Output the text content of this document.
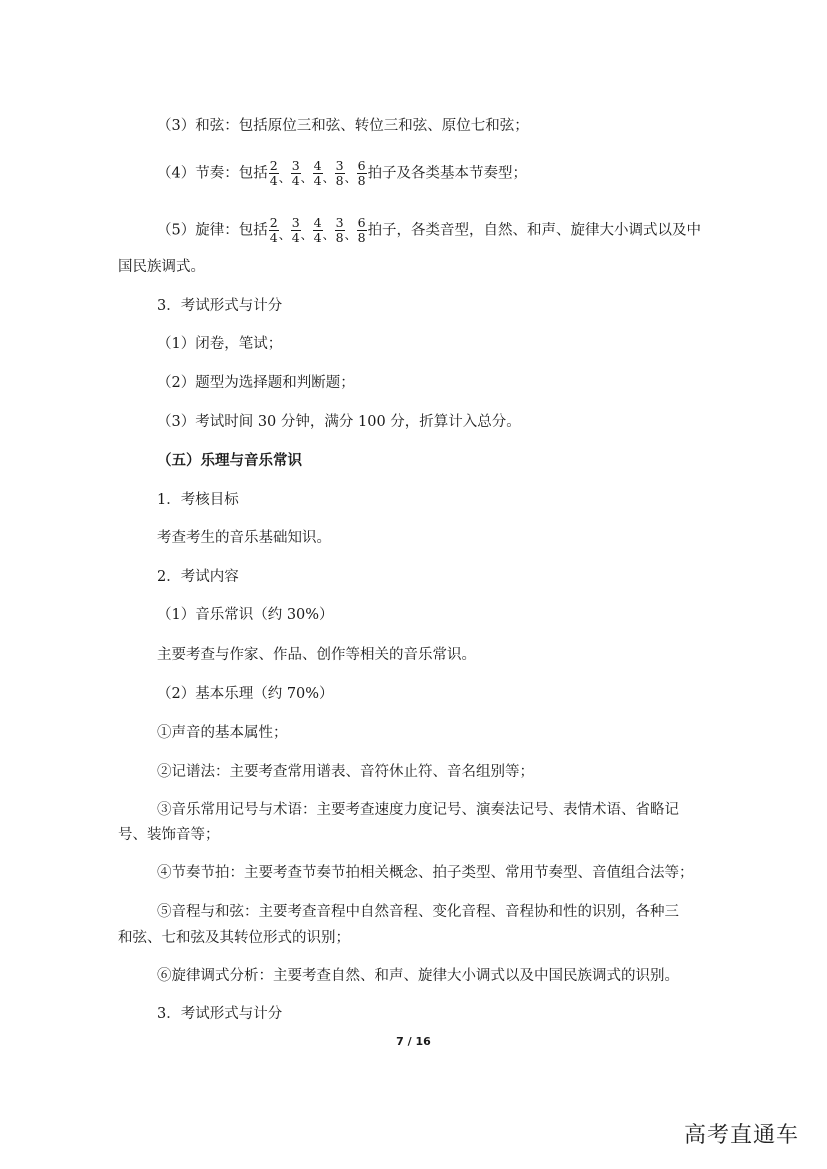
（3）和弦：包括原位三和弦、转位三和弦、原位七和弦；
（4）节奏：包括 $\frac{2}{4}$ 、 $\frac{3}{4}$ 、 $\frac{4}{4}$ 、 $\frac{3}{8}$ 、 $\frac{6}{8}$ 拍子及各类基本节奏型；
（5）旋律：包括 $\frac{2}{4}$ 、 $\frac{3}{4}$ 、 $\frac{4}{4}$ 、 $\frac{3}{8}$ 、 $\frac{6}{8}$ 拍子，各类音型，自然、和声、旋律大小调式以及中
国民族调式。
3．考试形式与计分
（1）闭卷，笔试；
（2）题型为选择题和判断题；
（3）考试时间 30 分钟，满分 100 分，折算计入总分。
（五）乐理与音乐常识
1．考核目标
考查考生的音乐基础知识。
2．考试内容
（1）音乐常识（约 30%）
主要考查与作家、作品、创作等相关的音乐常识。
（2）基本乐理（约 70%）
①声音的基本属性；
②记谱法：主要考查常用谱表、音符休止符、音名组别等；
③音乐常用记号与术语：主要考查速度力度记号、演奏法记号、表情术语、省略记
号、装饰音等；
④节奏节拍：主要考查节奏节拍相关概念、拍子类型、常用节奏型、音值组合法等；
⑤音程与和弦：主要考查音程中自然音程、变化音程、音程协和性的识别，各种三
和弦、七和弦及其转位形式的识别；
⑥旋律调式分析：主要考查自然、和声、旋律大小调式以及中国民族调式的识别。
3．考试形式与计分
7 / 16
高考直通车
